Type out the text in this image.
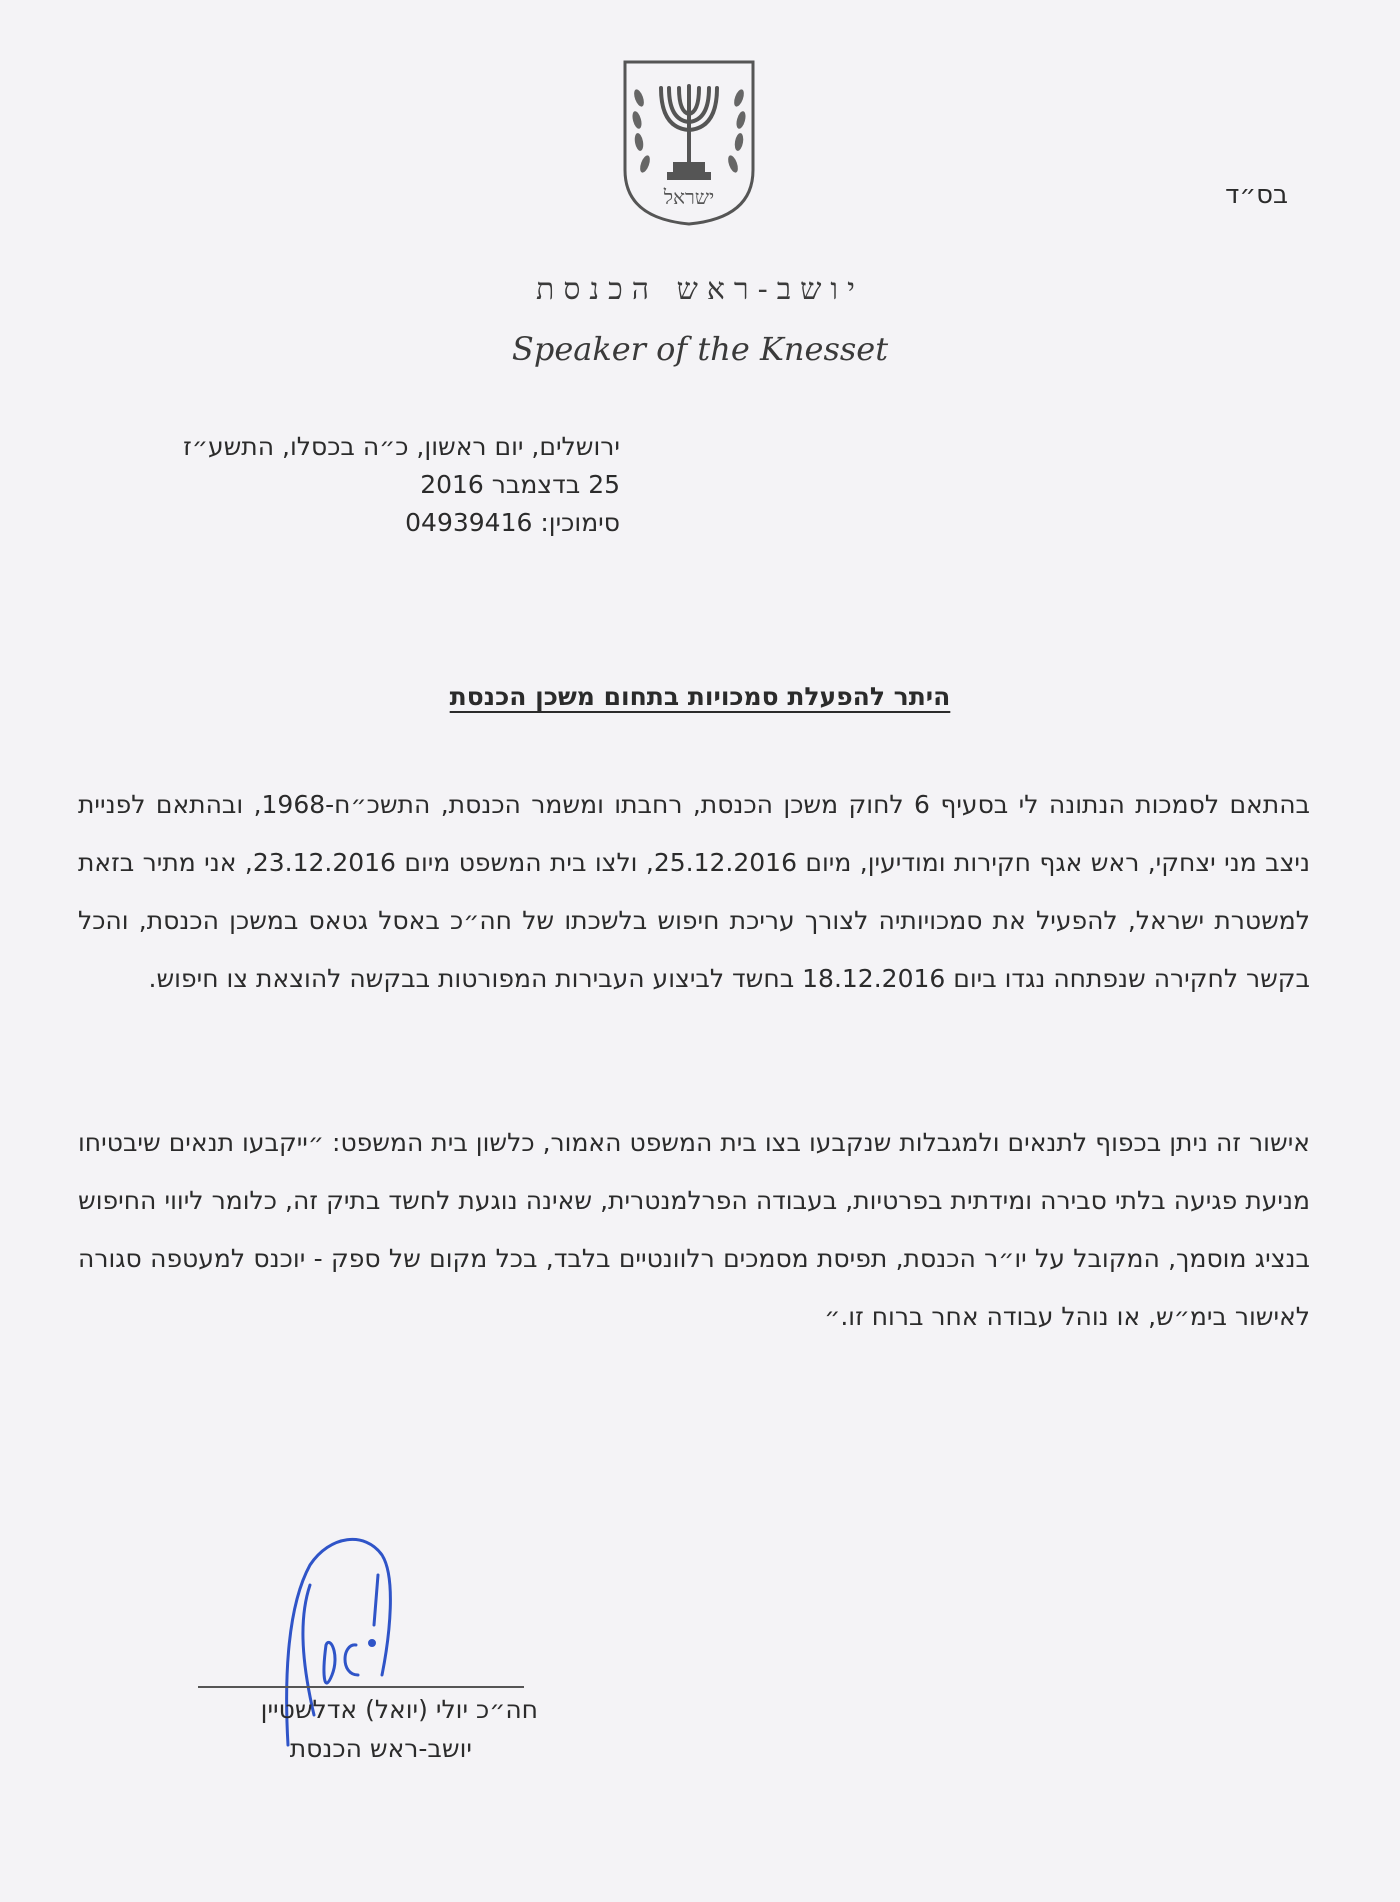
ישראל	בס״ד
יושב-ראש הכנסת
Speaker of the Knesset
ירושלים, יום ראשון, כ״ה בכסלו, התשע״ז
25 בדצמבר 2016
סימוכין: 04939416
היתר להפעלת סמכויות בתחום משכן הכנסת
בהתאם לסמכות הנתונה לי בסעיף 6 לחוק משכן הכנסת, רחבתו ומשמר הכנסת, התשכ״ח-1968, ובהתאם לפניית ניצב מני יצחקי, ראש אגף חקירות ומודיעין, מיום 25.12.2016, ולצו בית המשפט מיום 23.12.2016, אני מתיר בזאת למשטרת ישראל, להפעיל את סמכויותיה לצורך עריכת חיפוש בלשכתו של חה״כ באסל גטאס במשכן הכנסת, והכל בקשר לחקירה שנפתחה נגדו ביום 18.12.2016 בחשד לביצוע העבירות המפורטות בבקשה להוצאת צו חיפוש.
אישור זה ניתן בכפוף לתנאים ולמגבלות שנקבעו בצו בית המשפט האמור, כלשון בית המשפט: ״ייקבעו תנאים שיבטיחו מניעת פגיעה בלתי סבירה ומידתית בפרטיות, בעבודה הפרלמנטרית, שאינה נוגעת לחשד בתיק זה, כלומר ליווי החיפוש בנציג מוסמך, המקובל על יו״ר הכנסת, תפיסת מסמכים רלוונטיים בלבד, בכל מקום של ספק - יוכנס למעטפה סגורה לאישור בימ״ש, או נוהל עבודה אחר ברוח זו.״
חה״כ יולי (יואל) אדלשטיין
יושב-ראש הכנסת
